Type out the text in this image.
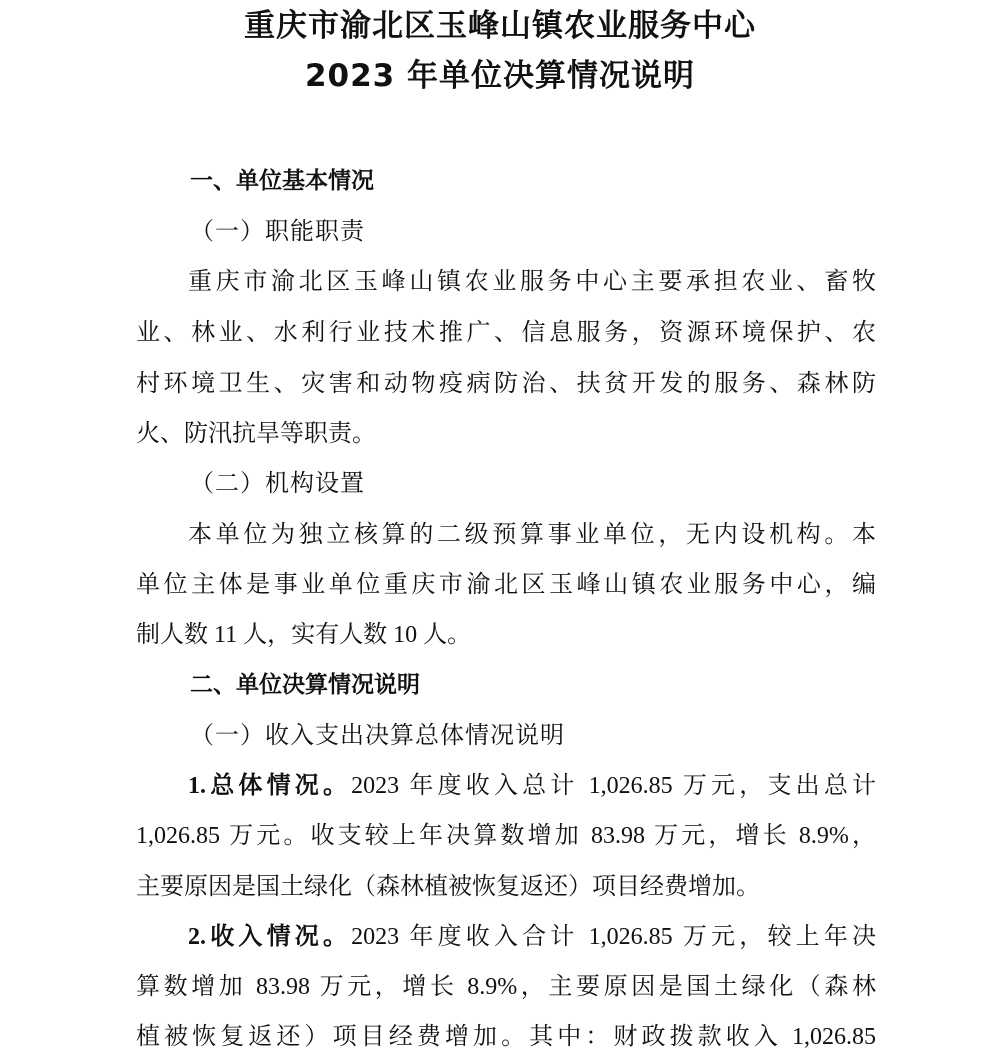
重庆市渝北区玉峰山镇农业服务中心
2023 年单位决算情况说明
一、单位基本情况
（一）职能职责
重庆市渝北区玉峰山镇农业服务中心主要承担农业、畜牧
业、林业、水利行业技术推广、信息服务，资源环境保护、农
村环境卫生、灾害和动物疫病防治、扶贫开发的服务、森林防
火、防汛抗旱等职责。
（二）机构设置
本单位为独立核算的二级预算事业单位，无内设机构。本
单位主体是事业单位重庆市渝北区玉峰山镇农业服务中心，编
制人数 11 人，实有人数 10 人。
二、单位决算情况说明
（一）收入支出决算总体情况说明
1.总体情况。2023 年度收入总计 1,026.85 万元，支出总计
1,026.85 万元。收支较上年决算数增加 83.98 万元，增长 8.9%，
主要原因是国土绿化（森林植被恢复返还）项目经费增加。
2.收入情况。2023 年度收入合计 1,026.85 万元，较上年决
算数增加 83.98 万元，增长 8.9%，主要原因是国土绿化（森林
植被恢复返还）项目经费增加。其中：财政拨款收入 1,026.85
